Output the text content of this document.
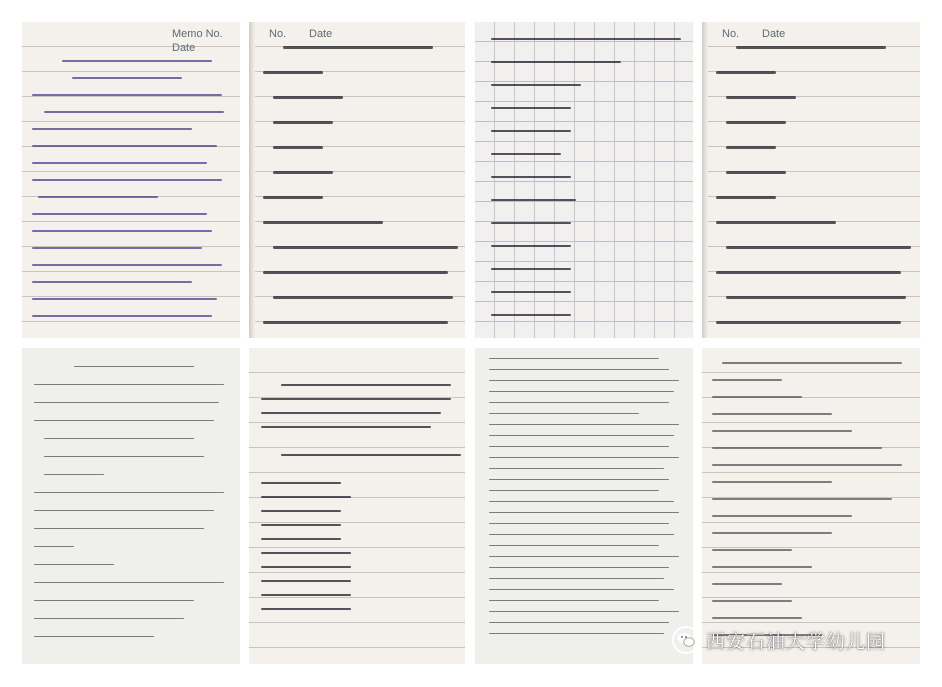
Memo No.
Date
No. Date	No. Date
西安石油大学幼儿园
